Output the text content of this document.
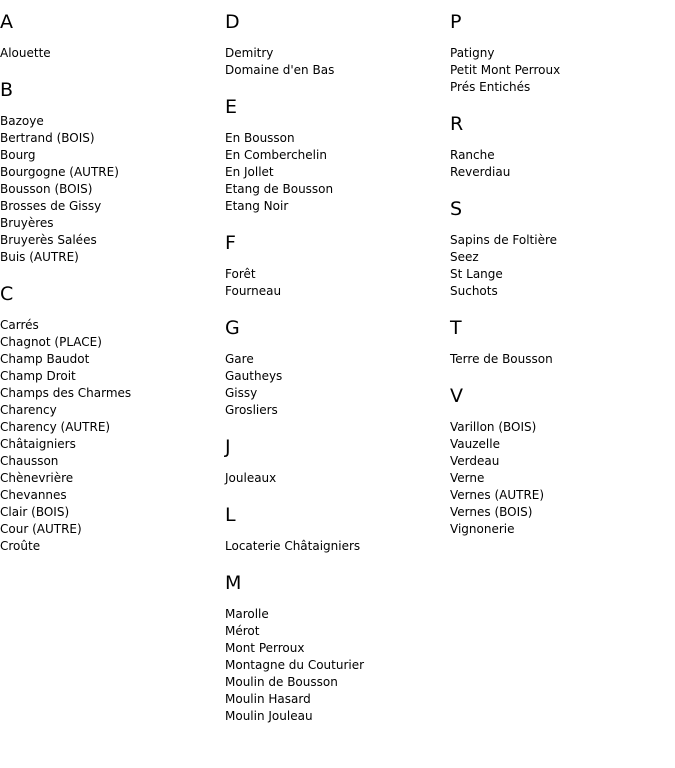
A
Alouette
B
Bazoye
Bertrand (BOIS)
Bourg
Bourgogne (AUTRE)
Bousson (BOIS)
Brosses de Gissy
Bruyères
Bruyerès Salées
Buis (AUTRE)
C
Carrés
Chagnot (PLACE)
Champ Baudot
Champ Droit
Champs des Charmes
Charency
Charency (AUTRE)
Châtaigniers
Chausson
Chènevrière
Chevannes
Clair (BOIS)
Cour (AUTRE)
Croûte
D
Demitry
Domaine d'en Bas
E
En Bousson
En Comberchelin
En Jollet
Etang de Bousson
Etang Noir
F
Forêt
Fourneau
G
Gare
Gautheys
Gissy
Grosliers
J
Jouleaux
L
Locaterie Châtaigniers
M
Marolle
Mérot
Mont Perroux
Montagne du Couturier
Moulin de Bousson
Moulin Hasard
Moulin Jouleau
P
Patigny
Petit Mont Perroux
Prés Entichés
R
Ranche
Reverdiau
S
Sapins de Foltière
Seez
St Lange
Suchots
T
Terre de Bousson
V
Varillon (BOIS)
Vauzelle
Verdeau
Verne
Vernes (AUTRE)
Vernes (BOIS)
Vignonerie
